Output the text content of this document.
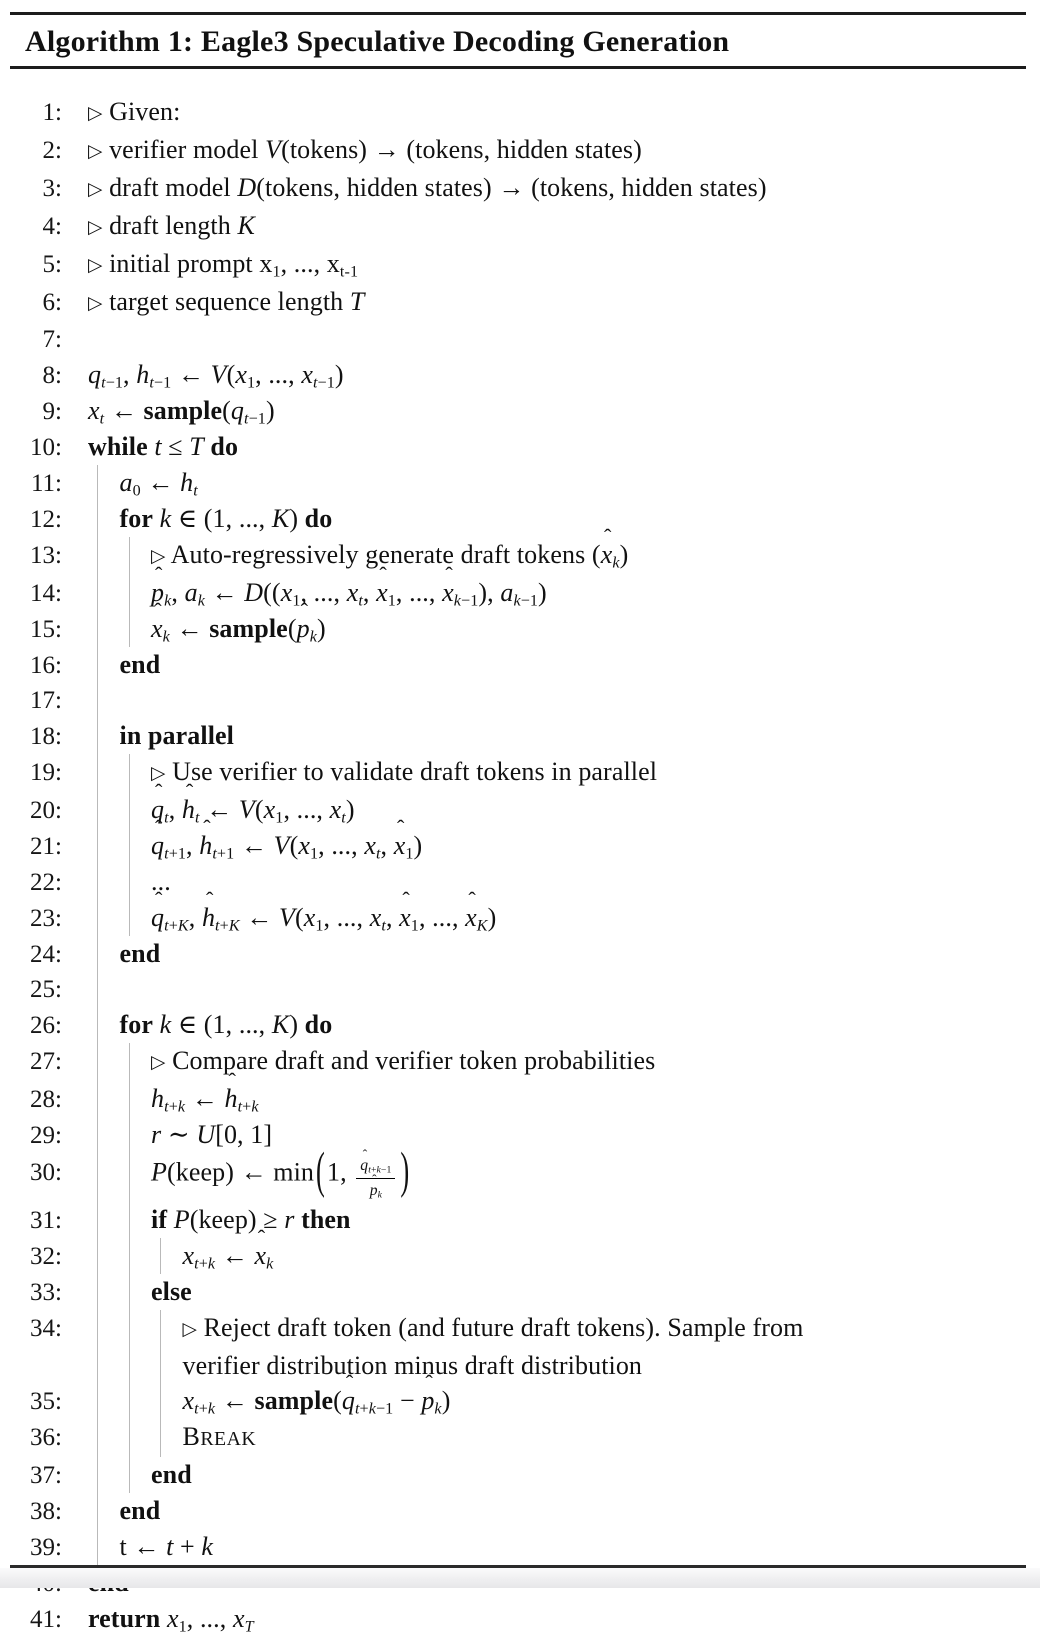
Algorithm 1: Eagle3 Speculative Decoding Generation
1: ▷ Given:
2: ▷ verifier model V(tokens) → (tokens, hidden states)
3: ▷ draft model D(tokens, hidden states) → (tokens, hidden states)
4: ▷ draft length K
5: ▷ initial prompt $x_1$, ..., $x_{t-1}$
6: ▷ target sequence length T
7:
8: $q_{t-1}$, $h_{t-1}$ ← $V(x_1$, ..., $x_{t-1}$)
9: $x_t$ ← $sample(q_{t-1})$
10: while t ≤ T do
11:	$a_0$ ← $h_t$
12:	for k ∈ (1, ..., K) do
13:	▷ Auto-regressively generate draft tokens (x ˆ$_k$)
14:	p ˆ$_k$, $a_k$ ← $D((x_1$, ..., $x_t$, x ˆ$_1$, ..., x ˆ$_{k-1}$), $a_{k-1}$)
15:	x ˆ$_k$ ← sample(p ˆ$_k$)
16:	end
17:
18:	in parallel
19:	▷ Use verifier to validate draft tokens in parallel
20:	q ˆ$_t$, h ˆ$_t$ ← $V(x_1$, ..., $x_t$)
21:	q ˆ$_{t+1}$, h ˆ$_{t+1}$ ← $V(x_1$, ..., $x_t$, x ˆ$_1$)
22:	...
23:	q ˆ$_{t+K}$, h ˆ$_{t+K}$ ← $V(x_1$, ..., $x_t$, x ˆ$_1$, ..., x ˆ$_K$)
24:	end
25:
26:	for k ∈ (1, ..., K) do
27:	▷ Compare draft and verifier token probabilities
28:	$h_{t+k}$ ← h ˆ$_{t+k}$
29:	r ∼ U[0, 1]
30:	P(keep) ← min(1, $\frac{q ˆ_{t+k-1}}{p ˆ_k}$ )
31:	if P(keep) ≥ r then
32:	$x_{t+k}$ ← x ˆ$_k$
33:	else
34:	▷ Reject draft token (and future draft tokens). Sample from
verifier distribution minus draft distribution
35:	$x_{t+k}$ ← sample(q ˆ$_{t+k-1}$ − p ˆ$_k$)
36:	BREAK
37:	end
38:	end
39:	t ← t + k
41: return $x_1$, ..., $x_T$
